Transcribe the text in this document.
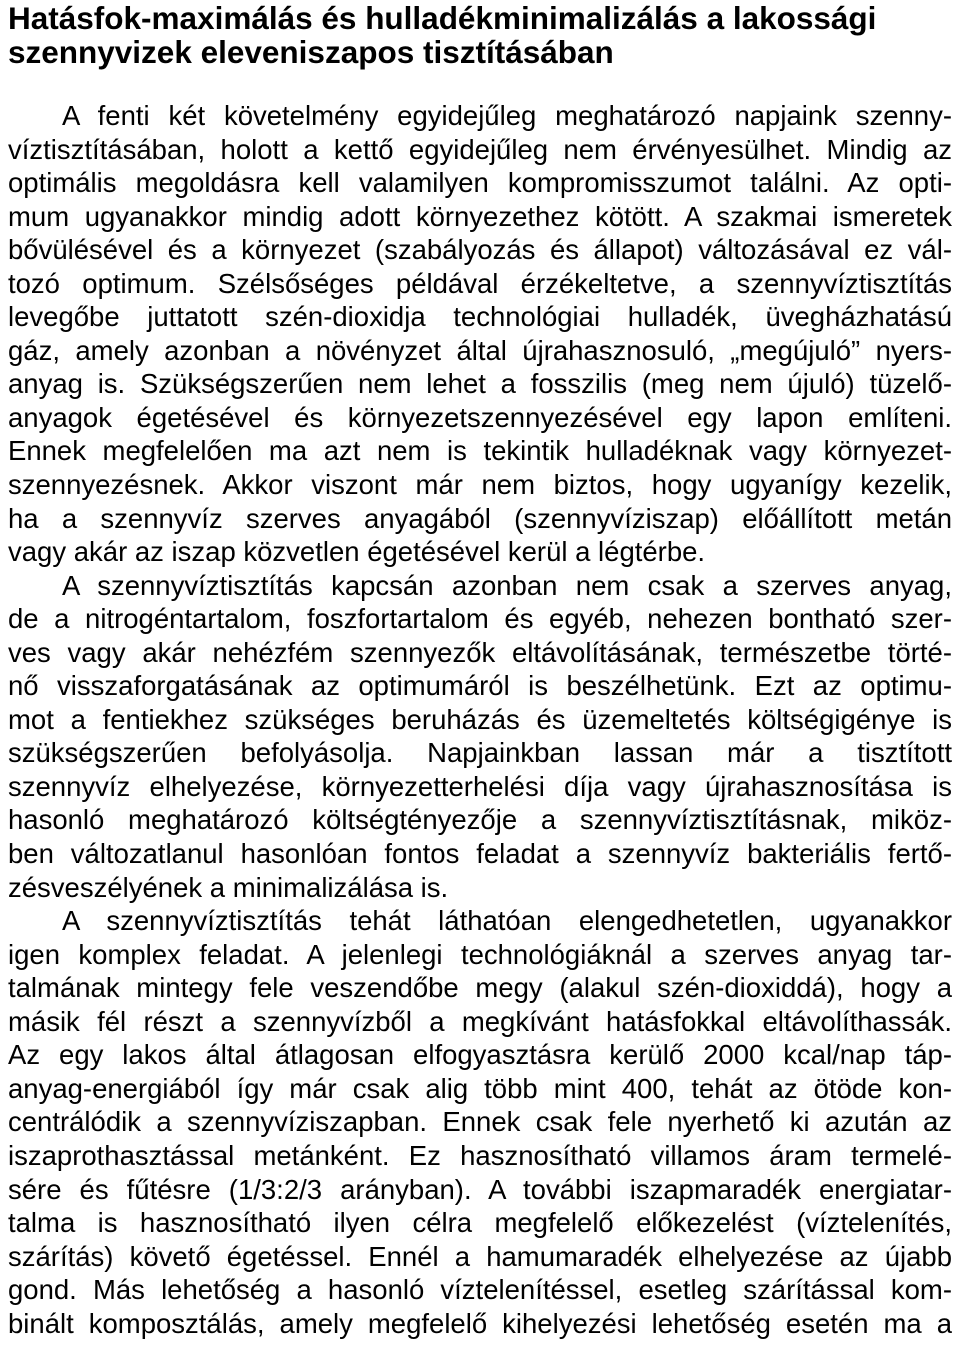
Hatásfok-maximálás és hulladékminimalizálás a lakossági
szennyvizek eleveniszapos tisztításában
A fenti két követelmény egyidejűleg meghatározó napjaink szenny-
víztisztításában, holott a kettő egyidejűleg nem érvényesülhet. Mindig az
optimális megoldásra kell valamilyen kompromisszumot találni. Az opti-
mum ugyanakkor mindig adott környezethez kötött. A szakmai ismeretek
bővülésével és a környezet (szabályozás és állapot) változásával ez vál-
tozó optimum. Szélsőséges példával érzékeltetve, a szennyvíztisztítás
levegőbe juttatott szén-dioxidja technológiai hulladék, üvegházhatású
gáz, amely azonban a növényzet által újrahasznosuló, „megújuló” nyers-
anyag is. Szükségszerűen nem lehet a fosszilis (meg nem újuló) tüzelő-
anyagok égetésével és környezetszennyezésével egy lapon említeni.
Ennek megfelelően ma azt nem is tekintik hulladéknak vagy környezet-
szennyezésnek. Akkor viszont már nem biztos, hogy ugyanígy kezelik,
ha a szennyvíz szerves anyagából (szennyvíziszap) előállított metán
vagy akár az iszap közvetlen égetésével kerül a légtérbe.
A szennyvíztisztítás kapcsán azonban nem csak a szerves anyag,
de a nitrogéntartalom, foszfortartalom és egyéb, nehezen bontható szer-
ves vagy akár nehézfém szennyezők eltávolításának, természetbe törté-
nő visszaforgatásának az optimumáról is beszélhetünk. Ezt az optimu-
mot a fentiekhez szükséges beruházás és üzemeltetés költségigénye is
szükségszerűen befolyásolja. Napjainkban lassan már a tisztított
szennyvíz elhelyezése, környezetterhelési díja vagy újrahasznosítása is
hasonló meghatározó költségtényezője a szennyvíztisztításnak, miköz-
ben változatlanul hasonlóan fontos feladat a szennyvíz bakteriális fertő-
zésveszélyének a minimalizálása is.
A szennyvíztisztítás tehát láthatóan elengedhetetlen, ugyanakkor
igen komplex feladat. A jelenlegi technológiáknál a szerves anyag tar-
talmának mintegy fele veszendőbe megy (alakul szén-dioxiddá), hogy a
másik fél részt a szennyvízből a megkívánt hatásfokkal eltávolíthassák.
Az egy lakos által átlagosan elfogyasztásra kerülő 2000 kcal/nap táp-
anyag-energiából így már csak alig több mint 400, tehát az ötöde kon-
centrálódik a szennyvíziszapban. Ennek csak fele nyerhető ki azután az
iszaprothasztással metánként. Ez hasznosítható villamos áram termelé-
sére és fűtésre (1/3:2/3 arányban). A további iszapmaradék energiatar-
talma is hasznosítható ilyen célra megfelelő előkezelést (víztelenítés,
szárítás) követő égetéssel. Ennél a hamumaradék elhelyezése az újabb
gond. Más lehetőség a hasonló víztelenítéssel, esetleg szárítással kom-
binált komposztálás, amely megfelelő kihelyezési lehetőség esetén ma a
